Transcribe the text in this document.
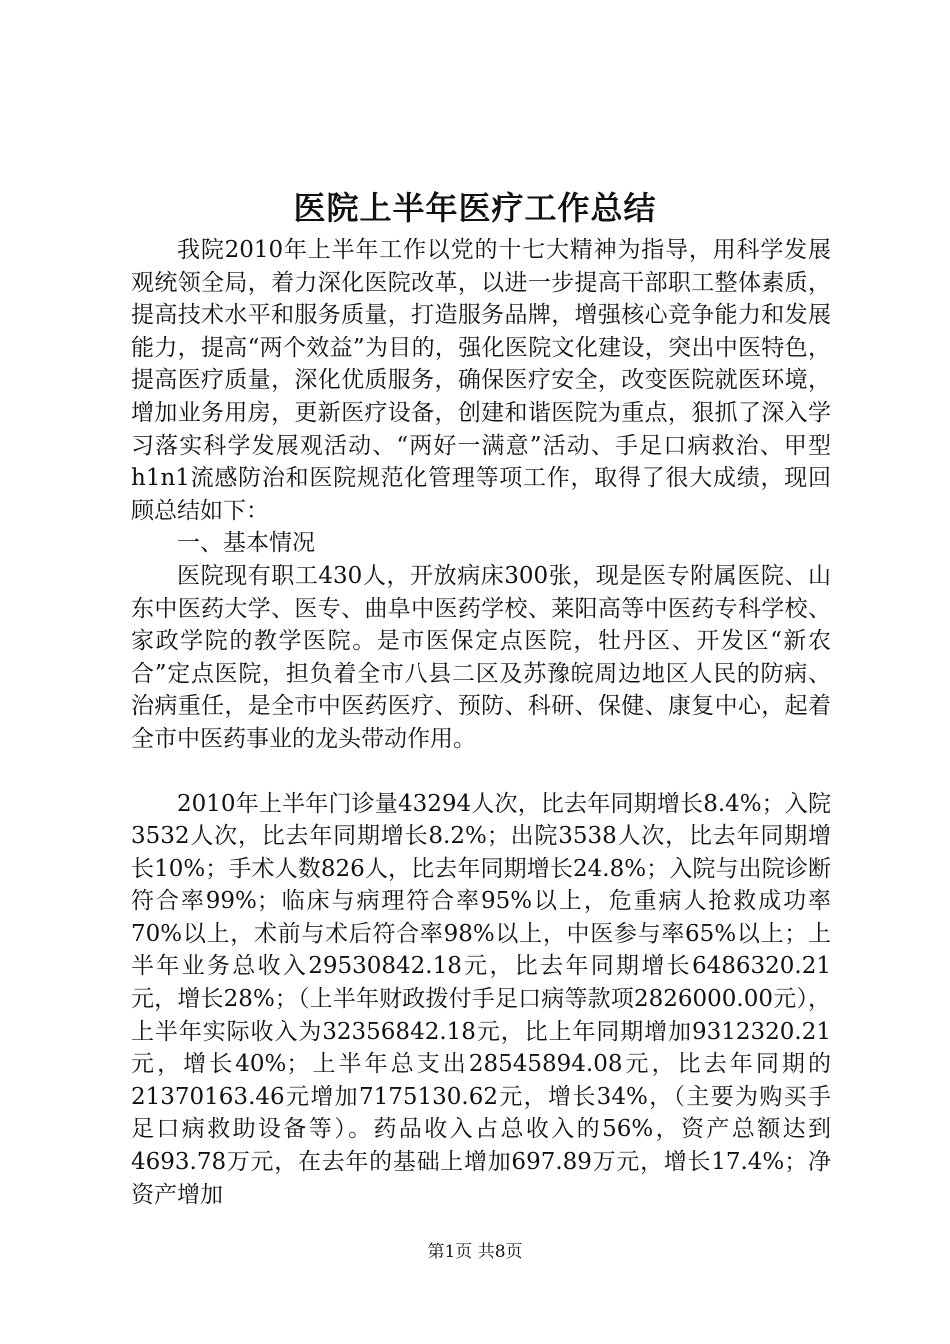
医院上半年医疗工作总结

我院2010年上半年工作以党的十七大精神为指导，用科学发展观统领全局，着力深化医院改革，以进一步提高干部职工整体素质，提高技术水平和服务质量，打造服务品牌，增强核心竞争能力和发展能力，提高“两个效益”为目的，强化医院文化建设，突出中医特色，提高医疗质量，深化优质服务，确保医疗安全，改变医院就医环境，增加业务用房，更新医疗设备，创建和谐医院为重点，狠抓了深入学习落实科学发展观活动、“两好一满意”活动、手足口病救治、甲型h1n1流感防治和医院规范化管理等项工作，取得了很大成绩，现回顾总结如下：

一、基本情况

医院现有职工430人，开放病床300张，现是医专附属医院、山东中医药大学、医专、曲阜中医药学校、莱阳高等中医药专科学校、家政学院的教学医院。是市医保定点医院，牡丹区、开发区“新农合”定点医院，担负着全市八县二区及苏豫皖周边地区人民的防病、治病重任，是全市中医药医疗、预防、科研、保健、康复中心，起着全市中医药事业的龙头带动作用。

2010年上半年门诊量43294人次，比去年同期增长8.4%；入院3532人次，比去年同期增长8.2%；出院3538人次，比去年同期增长10%；手术人数826人，比去年同期增长24.8%；入院与出院诊断符合率99%；临床与病理符合率95%以上，危重病人抢救成功率70%以上，术前与术后符合率98%以上，中医参与率65%以上；上半年业务总收入29530842.18元，比去年同期增长6486320.21元，增长28%；（上半年财政拨付手足口病等款项2826000.00元），上半年实际收入为32356842.18元，比上年同期增加9312320.21元，增长40%；上半年总支出28545894.08元，比去年同期的21370163.46元增加7175130.62元，增长34%，（主要为购买手足口病救助设备等）。药品收入占总收入的56%，资产总额达到4693.78万元，在去年的基础上增加697.89万元，增长17.4%；净资产增加

第1页 共8页
